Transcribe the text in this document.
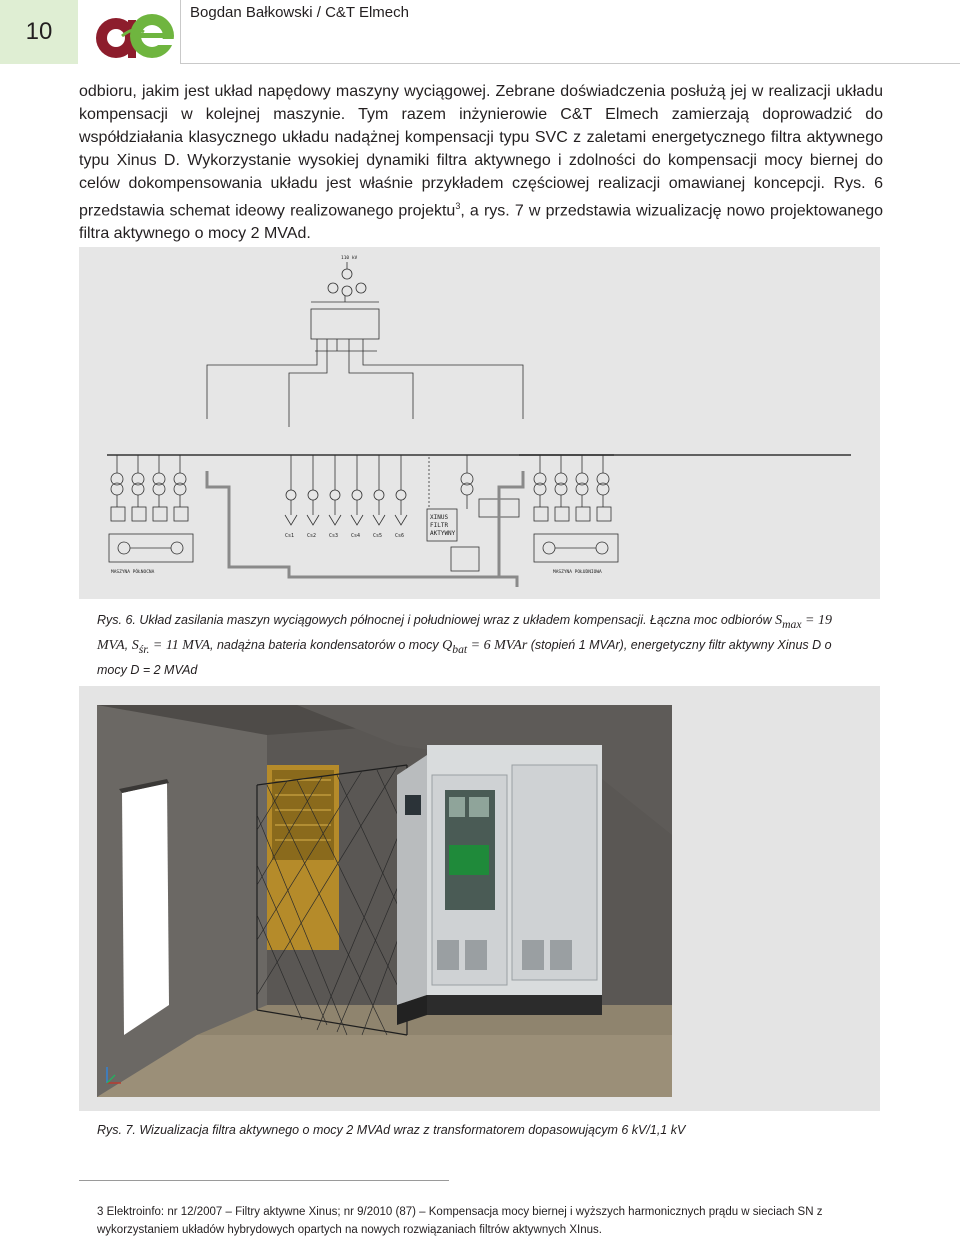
10
Bogdan Bałkowski / C&T Elmech

odbioru, jakim jest układ napędowy maszyny wyciągowej. Zebrane doświadczenia posłużą jej w realizacji układu kompensacji w kolejnej maszynie. Tym razem inżynierowie C&T Elmech zamierzają doprowadzić do współdziałania klasycznego układu nadążnej kompensacji typu SVC z zaletami energetycznego filtra aktywnego typu Xinus D. Wykorzystanie wysokiej dynamiki filtra aktywnego i zdolności do kompensacji mocy biernej do celów dokompensowania układu jest właśnie przykładem częściowej realizacji omawianej koncepcji. Rys. 6 przedstawia schemat ideowy realizowanego projektu$^3$, a rys. 7 w przedstawia wizualizację nowo projektowanego filtra aktywnego o mocy 2 MVAd.

XINUS
FILTR
AKTYWNY
MASZYNA PÓŁNOCNA	MASZYNA POŁUDNIOWA
110 kV
Cs1	Cs2	Cs3	Cs4	Cs5	Cs6
Rys. 6. Układ zasilania maszyn wyciągowych północnej i południowej wraz z układem kompensacji. Łączna moc odbiorów $S_{max} = 19$ MVA, $S_{śr.} = 11$ MVA, nadążna bateria kondensatorów o mocy $Q_{bat} = 6$ MVAr (stopień 1 MVAr), energetyczny filtr aktywny Xinus D o mocy D = 2 MVAd
Rys. 7. Wizualizacja filtra aktywnego o mocy 2 MVAd wraz z transformatorem dopasowującym 6 kV/1,1 kV
3 Elektroinfo: nr 12/2007 – Filtry aktywne Xinus; nr 9/2010 (87) – Kompensacja mocy biernej i wyższych harmonicznych prądu w sieciach SN z wykorzystaniem układów hybrydowych opartych na nowych rozwiązaniach filtrów aktywnych XInus.
